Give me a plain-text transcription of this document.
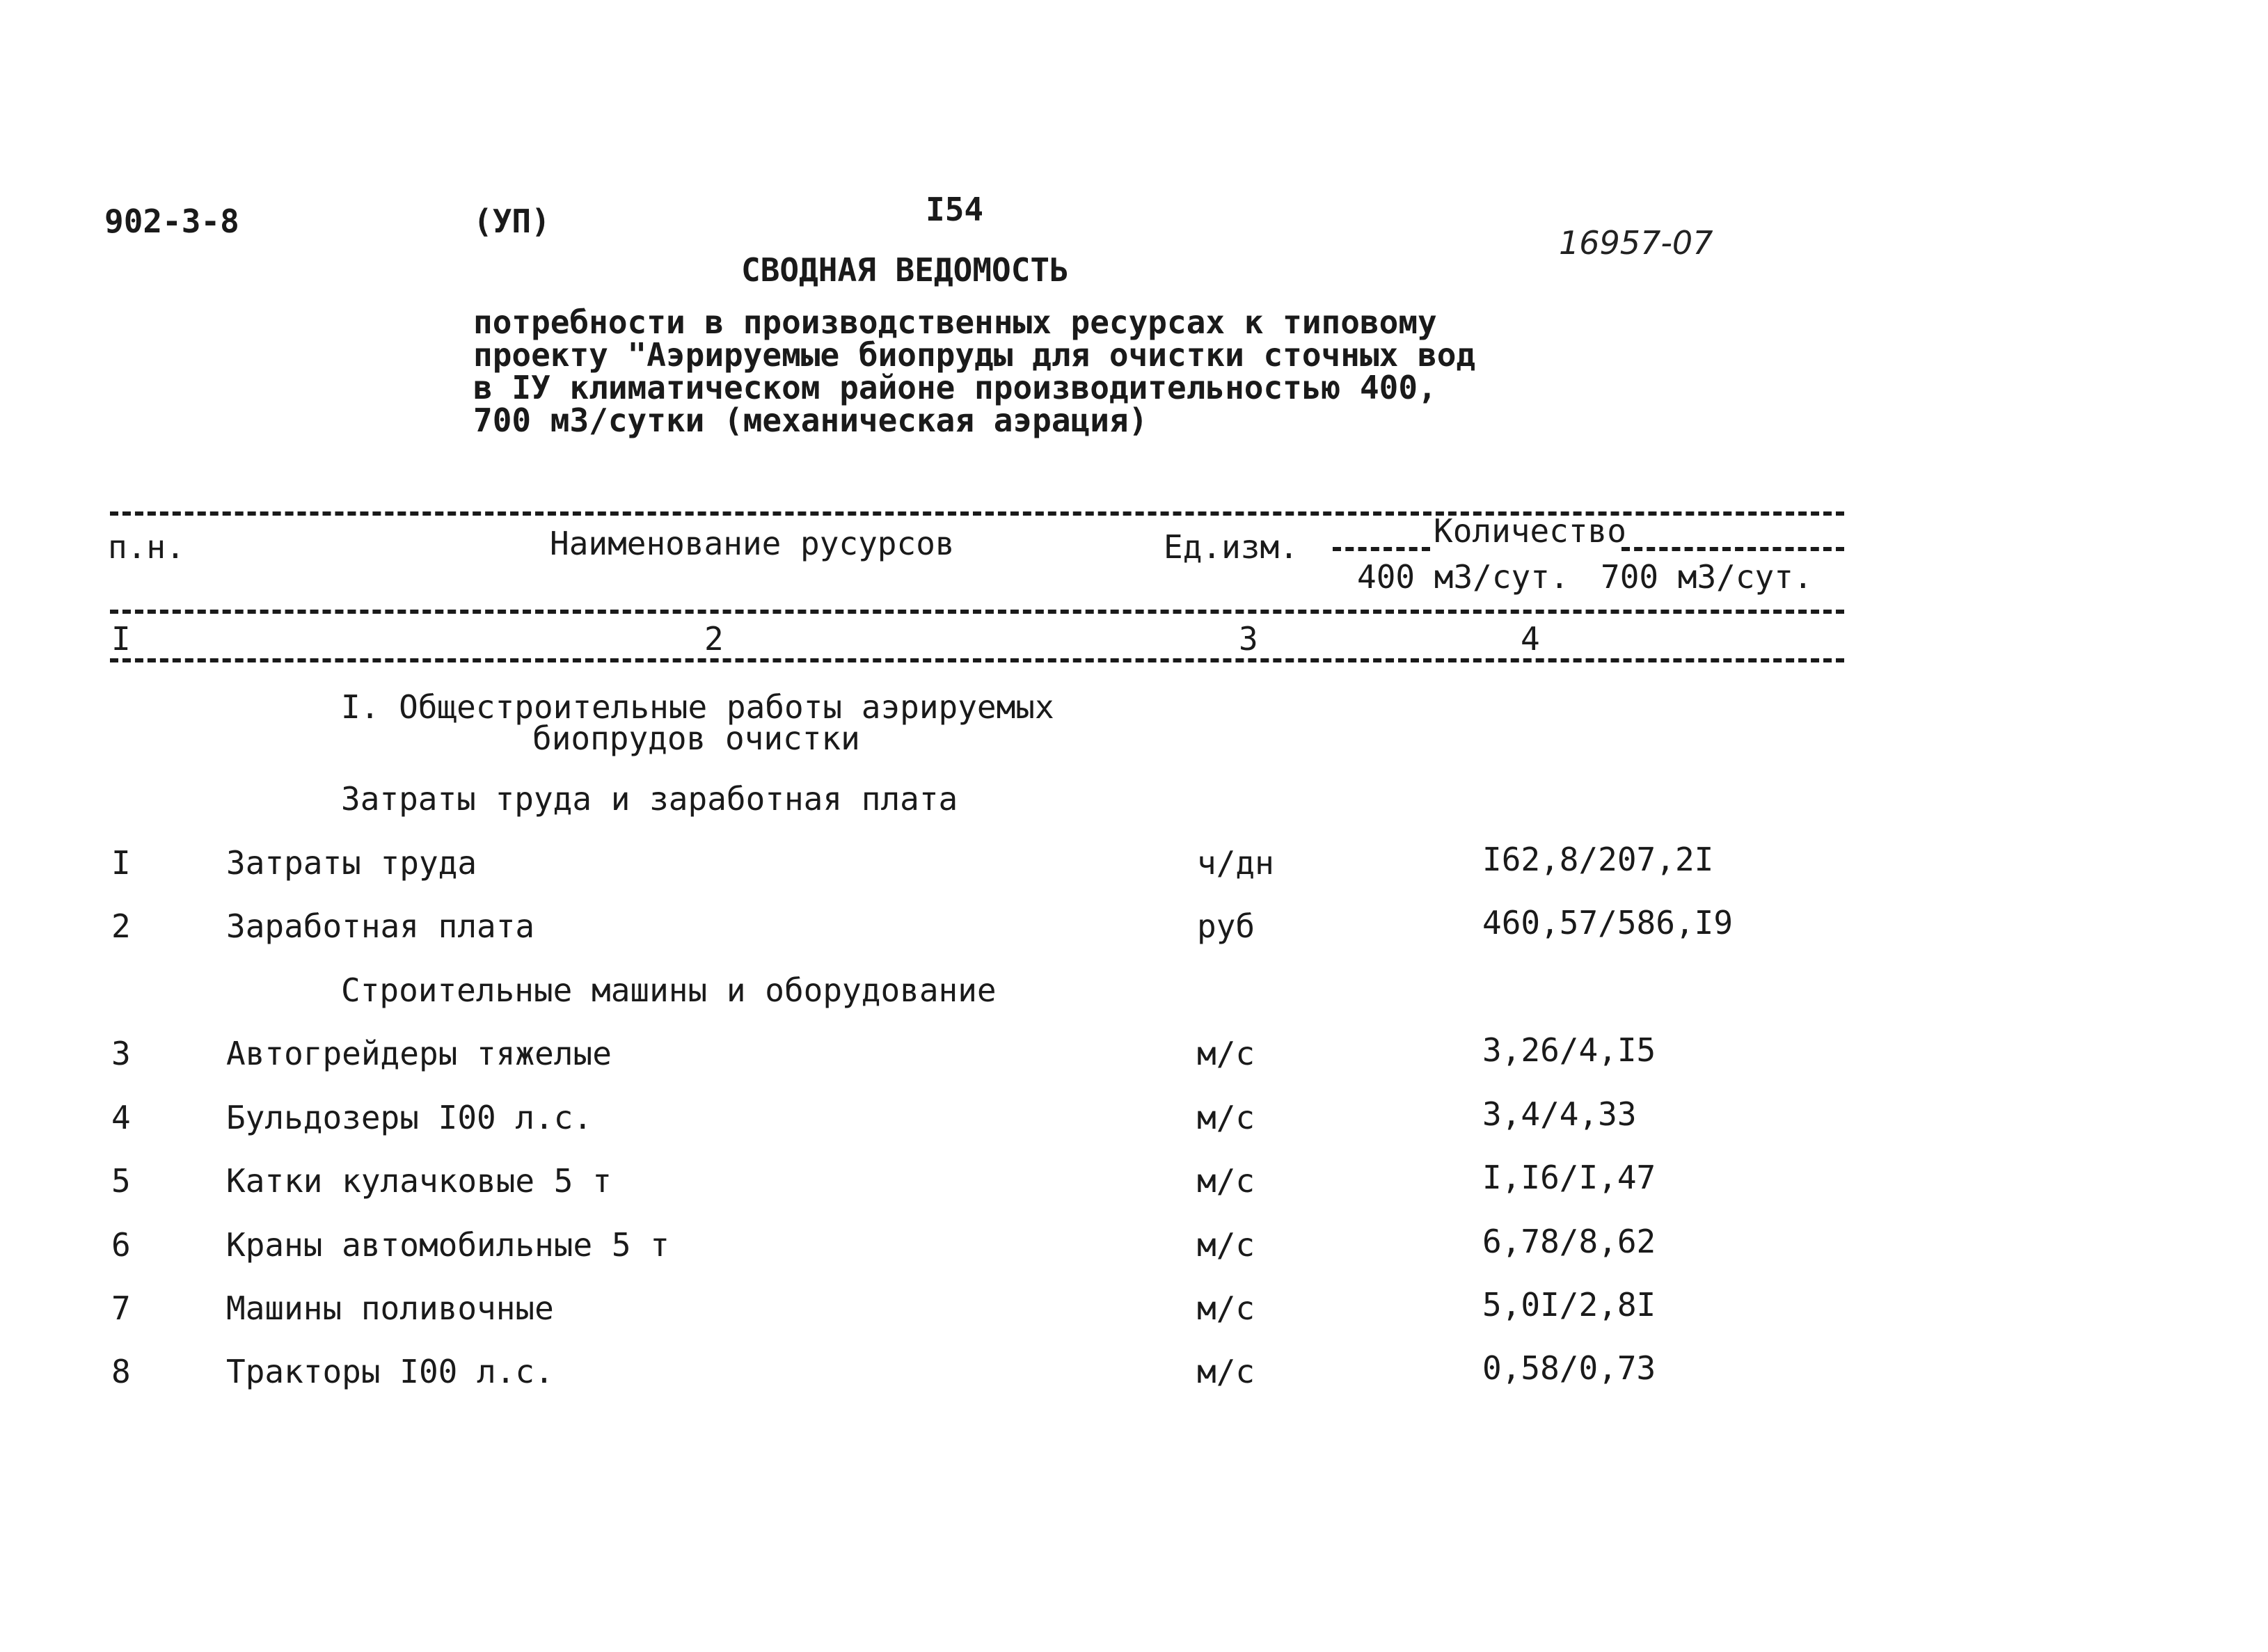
902-3-8	(УП)	I54
16957-07
СВОДНАЯ ВЕДОМОСТЬ
потребности в производственных ресурсах к типовому
проекту "Аэрируемые биопруды для очистки сточных вод
в IУ климатическом районе производительностью 400,
700 м3/сутки (механическая аэрация)
п.н.	Наименование русурсов	Ед.изм.	Количество
400 м3/сут. 700 м3/сут.
I	2	3	4
I. Общестроительные работы аэрируемых
биопрудов очистки
Затраты труда и заработная плата
I	Затраты труда	ч/дн	I62,8/207,2I
2	Заработная плата	руб	460,57/586,I9
Строительные машины и оборудование
3	Автогрейдеры тяжелые	м/с	3,26/4,I5
4	Бульдозеры I00 л.с.	м/с	3,4/4,33
5	Катки кулачковые 5 т	м/с	I,I6/I,47
6	Краны автомобильные 5 т	м/с	6,78/8,62
7	Машины поливочные	м/с	5,0I/2,8I
8	Тракторы I00 л.с.	м/с	0,58/0,73
